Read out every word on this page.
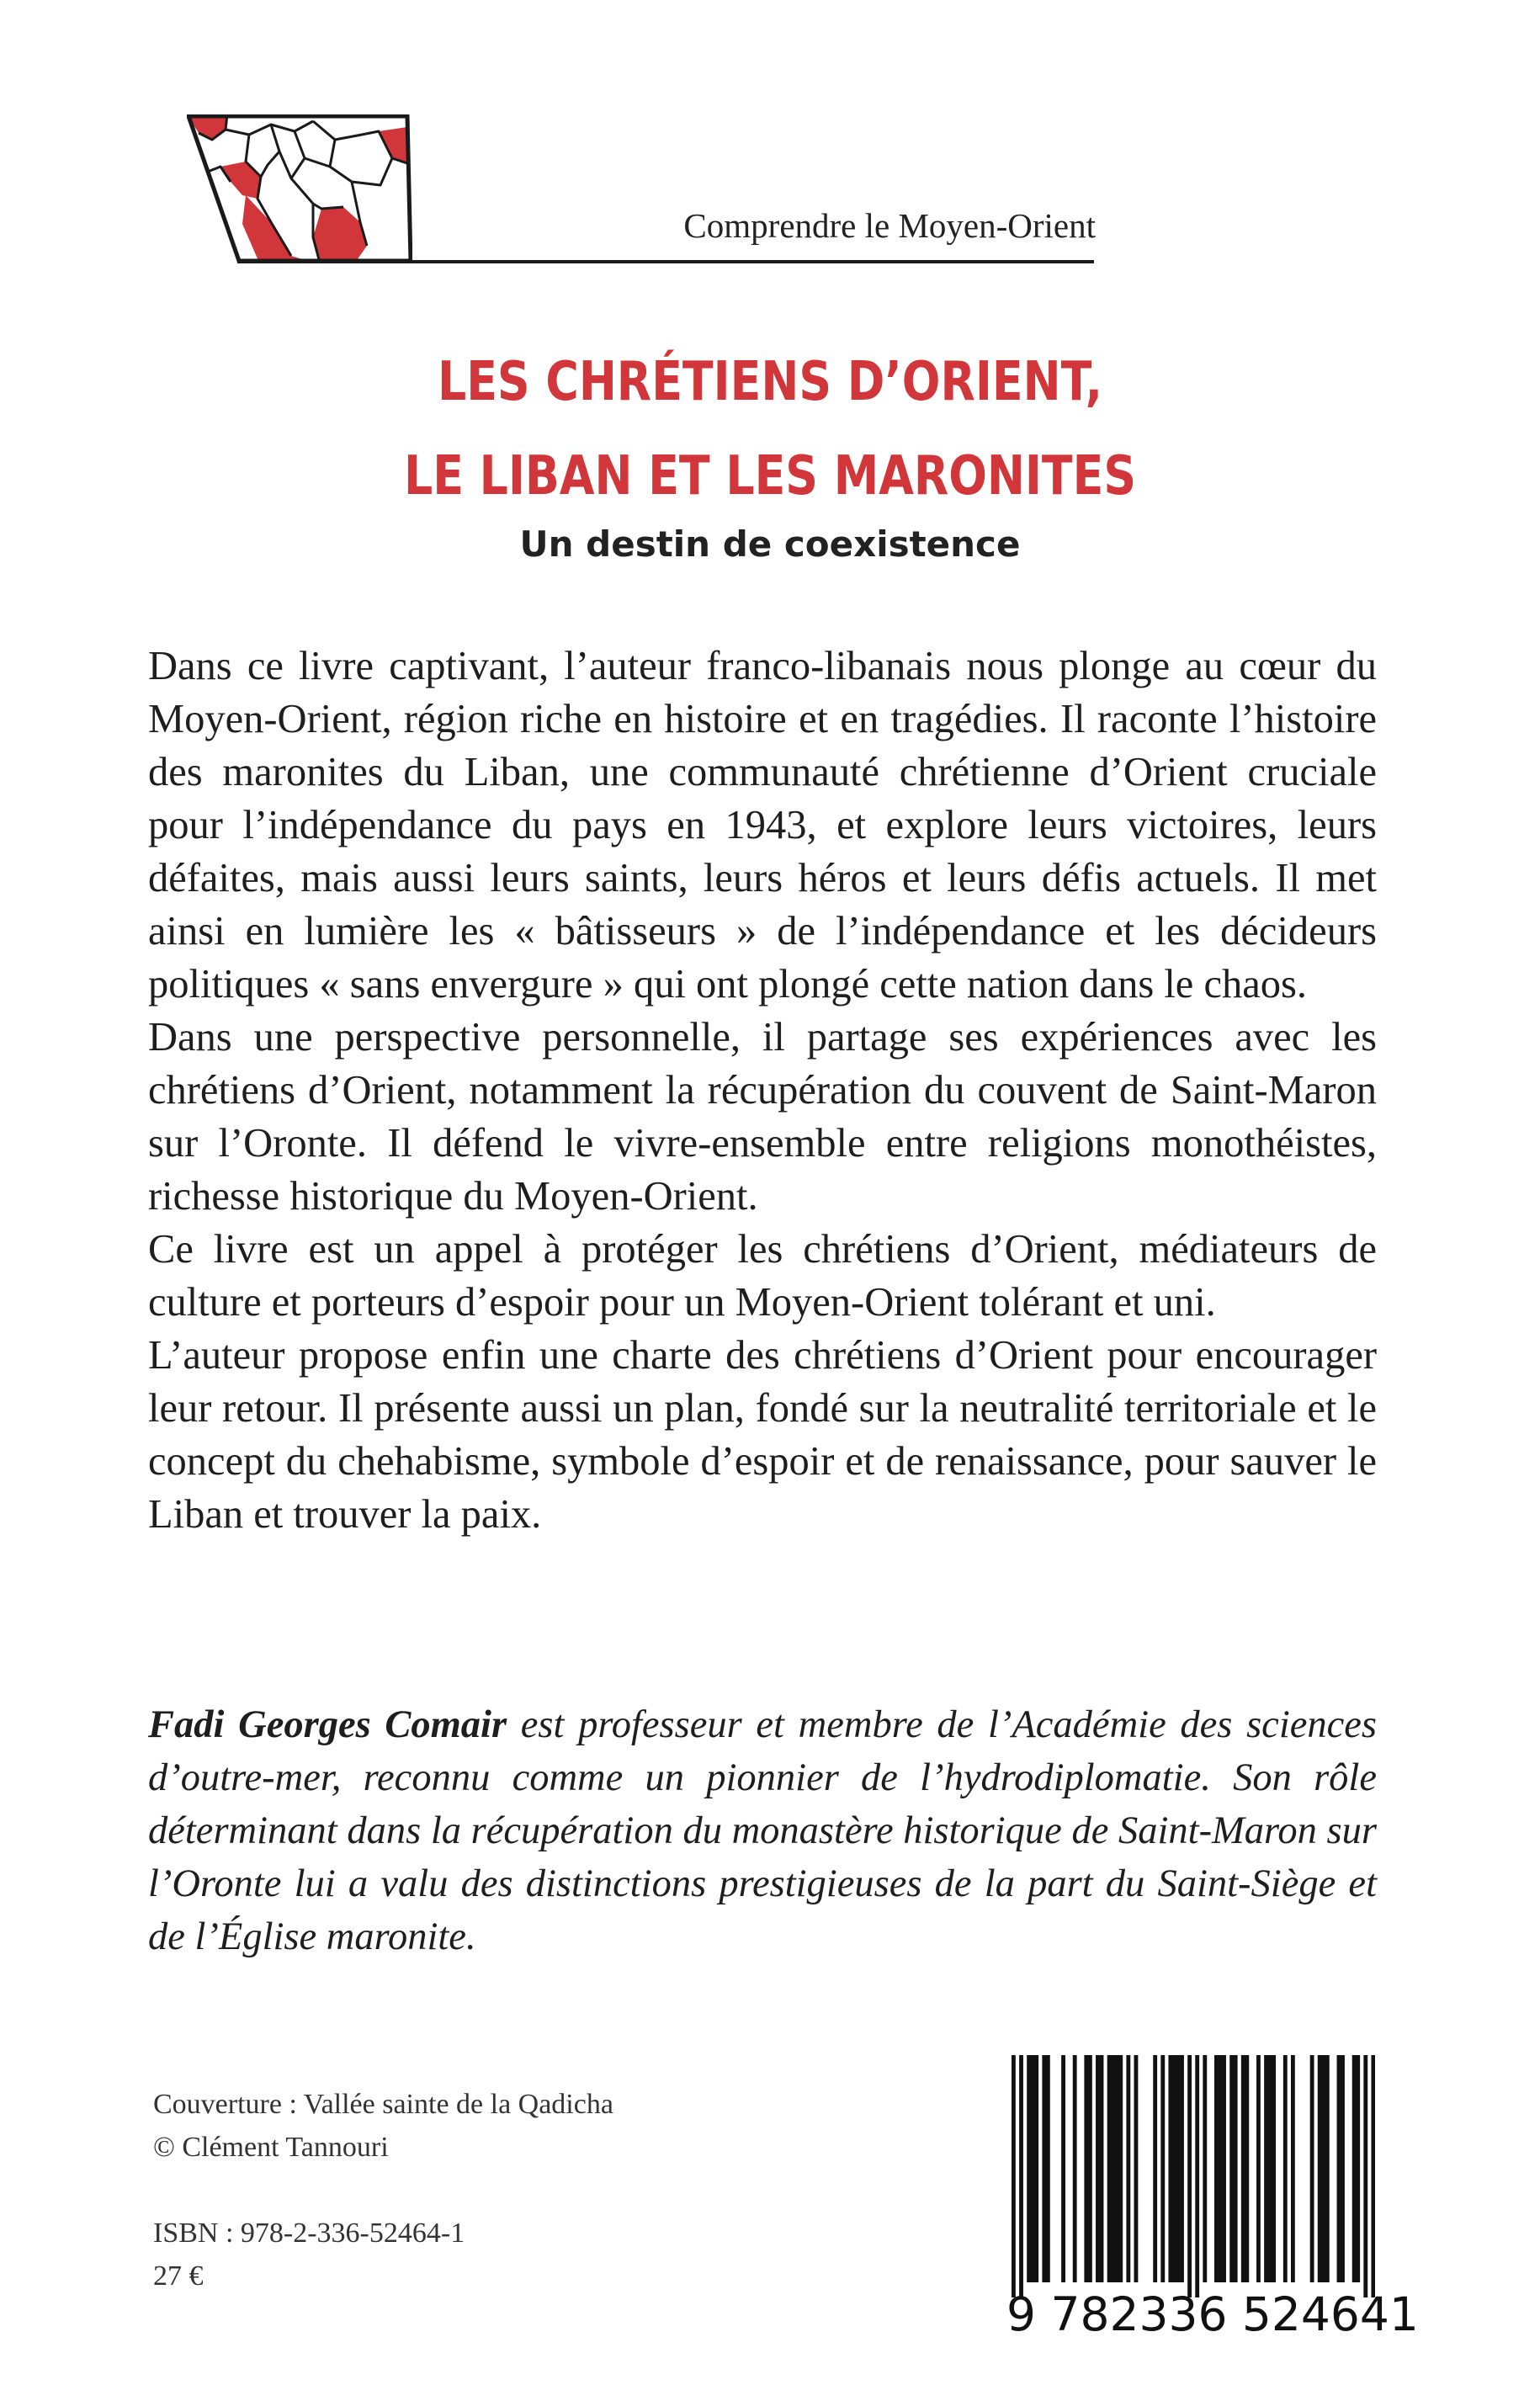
Comprendre le Moyen-Orient
LES CHRÉTIENS D’ORIENT,
LE LIBAN ET LES MARONITES
Un destin de coexistence

Dans ce livre captivant, l’auteur franco-libanais nous plonge au cœur du Moyen-Orient, région riche en histoire et en tragédies. Il raconte l’histoire des maronites du Liban, une communauté chrétienne d’Orient cruciale pour l’indépendance du pays en 1943, et explore leurs victoires, leurs défaites, mais aussi leurs saints, leurs héros et leurs défis actuels. Il met ainsi en lumière les « bâtisseurs » de l’indépendance et les décideurs politiques « sans envergure » qui ont plongé cette nation dans le chaos.

Dans une perspective personnelle, il partage ses expériences avec les chrétiens d’Orient, notamment la récupération du couvent de Saint-Maron sur l’Oronte. Il défend le vivre-ensemble entre religions monothéistes, richesse historique du Moyen-Orient.

Ce livre est un appel à protéger les chrétiens d’Orient, médiateurs de culture et porteurs d’espoir pour un Moyen-Orient tolérant et uni.

L’auteur propose enfin une charte des chrétiens d’Orient pour encourager leur retour. Il présente aussi un plan, fondé sur la neutralité territoriale et le concept du chehabisme, symbole d’espoir et de renaissance, pour sauver le Liban et trouver la paix.

Fadi Georges Comair est professeur et membre de l’Académie des sciences d’outre-mer, reconnu comme un pionnier de l’hydrodiplomatie. Son rôle déterminant dans la récupération du monastère historique de Saint-Maron sur l’Oronte lui a valu des distinctions prestigieuses de la part du Saint-Siège et de l’Église maronite.
Couverture : Vallée sainte de la Qadicha
© Clément Tannouri
ISBN : 978-2-336-52464-1
27 €
9 782336 524641
